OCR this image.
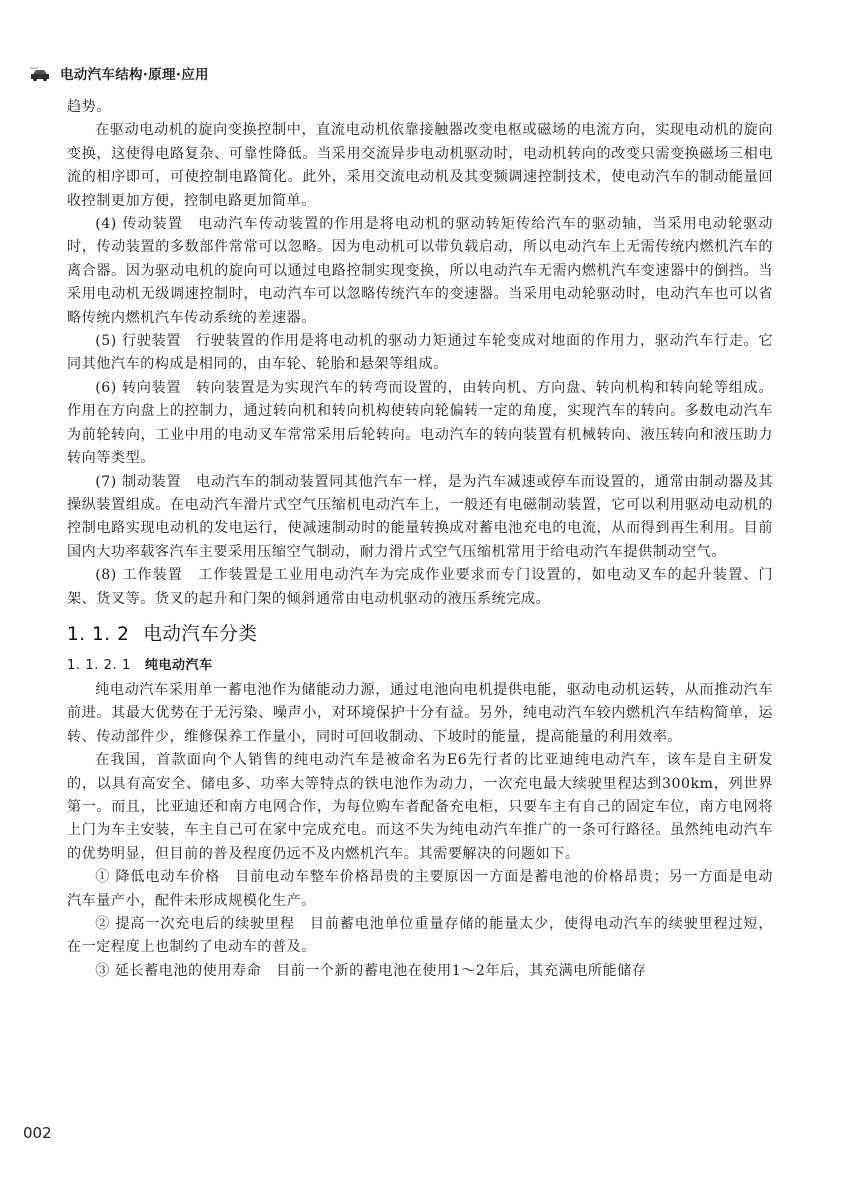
电动汽车结构·原理·应用

趋势。

在驱动电动机的旋向变换控制中，直流电动机依靠接触器改变电枢或磁场的电流方向，实现电动机的旋向变换，这使得电路复杂、可靠性降低。当采用交流异步电动机驱动时，电动机转向的改变只需变换磁场三相电流的相序即可，可使控制电路简化。此外，采用交流电动机及其变频调速控制技术，使电动汽车的制动能量回收控制更加方便，控制电路更加简单。

(4) 传动装置　 电动汽车传动装置的作用是将电动机的驱动转矩传给汽车的驱动轴，当采用电动轮驱动时，传动装置的多数部件常常可以忽略。因为电动机可以带负载启动，所以电动汽车上无需传统内燃机汽车的离合器。因为驱动电机的旋向可以通过电路控制实现变换，所以电动汽车无需内燃机汽车变速器中的倒挡。当采用电动机无级调速控制时，电动汽车可以忽略传统汽车的变速器。当采用电动轮驱动时，电动汽车也可以省略传统内燃机汽车传动系统的差速器。

(5) 行驶装置　 行驶装置的作用是将电动机的驱动力矩通过车轮变成对地面的作用力，驱动汽车行走。它同其他汽车的构成是相同的，由车轮、轮胎和悬架等组成。

(6) 转向装置　 转向装置是为实现汽车的转弯而设置的，由转向机、方向盘、转向机构和转向轮等组成。作用在方向盘上的控制力，通过转向机和转向机构使转向轮偏转一定的角度，实现汽车的转向。多数电动汽车为前轮转向，工业中用的电动叉车常常采用后轮转向。电动汽车的转向装置有机械转向、液压转向和液压助力转向等类型。

(7) 制动装置　 电动汽车的制动装置同其他汽车一样，是为汽车减速或停车而设置的，通常由制动器及其操纵装置组成。在电动汽车滑片式空气压缩机电动汽车上，一般还有电磁制动装置，它可以利用驱动电动机的控制电路实现电动机的发电运行，使减速制动时的能量转换成对蓄电池充电的电流，从而得到再生利用。目前国内大功率载客汽车主要采用压缩空气制动，耐力滑片式空气压缩机常用于给电动汽车提供制动空气。

(8) 工作装置　 工作装置是工业用电动汽车为完成作业要求而专门设置的，如电动叉车的起升装置、门架、货叉等。货叉的起升和门架的倾斜通常由电动机驱动的液压系统完成。

1. 1. 2 电动汽车分类
1. 1. 2. 1 纯电动汽车

纯电动汽车采用单一蓄电池作为储能动力源，通过电池向电机提供电能，驱动电动机运转，从而推动汽车前进。其最大优势在于无污染、噪声小，对环境保护十分有益。另外，纯电动汽车较内燃机汽车结构简单，运转、传动部件少，维修保养工作量小，同时可回收制动、下坡时的能量，提高能量的利用效率。

在我国，首款面向个人销售的纯电动汽车是被命名为E6先行者的比亚迪纯电动汽车，该车是自主研发的，以具有高安全、储电多、功率大等特点的铁电池作为动力，一次充电最大续驶里程达到300km，列世界第一。而且，比亚迪还和南方电网合作，为每位购车者配备充电柜，只要车主有自己的固定车位，南方电网将上门为车主安装，车主自己可在家中完成充电。而这不失为纯电动汽车推广的一条可行路径。虽然纯电动汽车的优势明显，但目前的普及程度仍远不及内燃机汽车。其需要解决的问题如下。

① 降低电动车价格　 目前电动车整车价格昂贵的主要原因一方面是蓄电池的价格昂贵；另一方面是电动汽车量产小，配件未形成规模化生产。

② 提高一次充电后的续驶里程　 目前蓄电池单位重量存储的能量太少，使得电动汽车的续驶里程过短，在一定程度上也制约了电动车的普及。

③ 延长蓄电池的使用寿命　 目前一个新的蓄电池在使用1～2年后，其充满电所能储存

002
